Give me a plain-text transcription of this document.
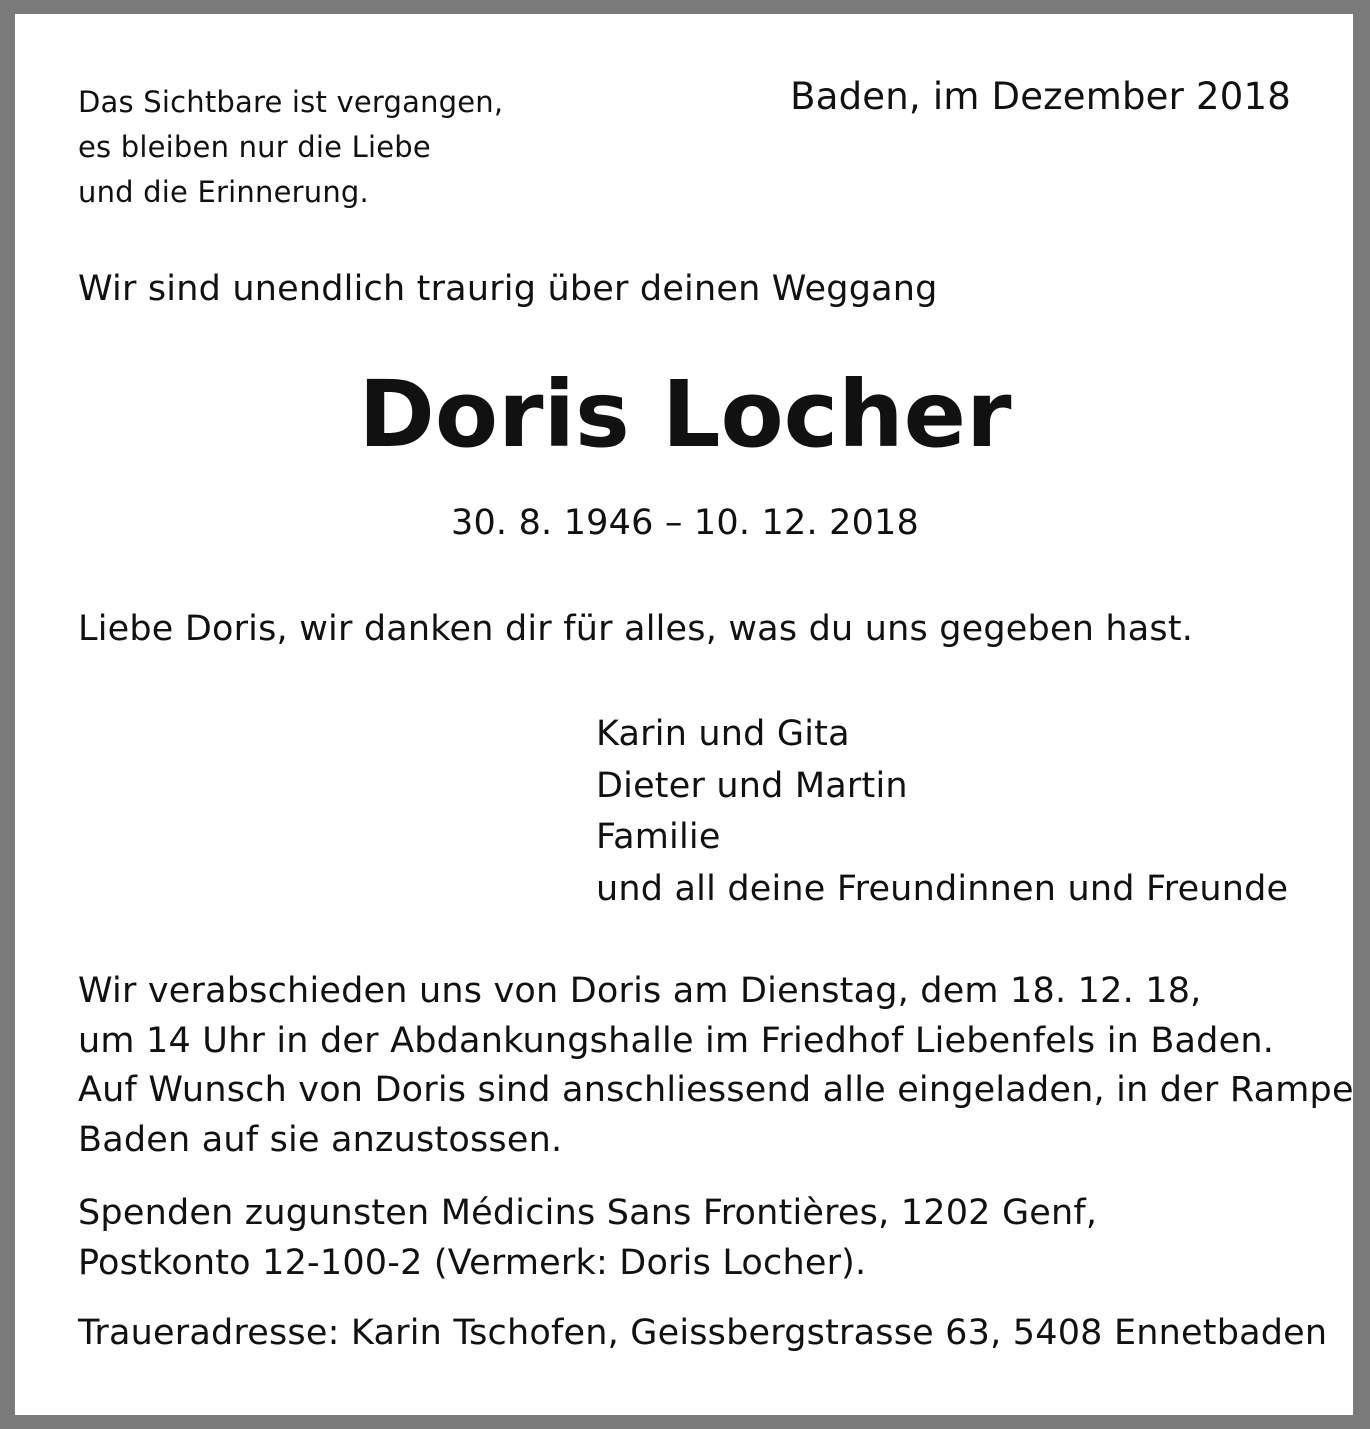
Das Sichtbare ist vergangen,
es bleiben nur die Liebe
und die Erinnerung.
Baden, im Dezember 2018
Wir sind unendlich traurig über deinen Weggang
Doris Locher
30. 8. 1946 – 10. 12. 2018
Liebe Doris, wir danken dir für alles, was du uns gegeben hast.
Karin und Gita
Dieter und Martin
Familie
und all deine Freundinnen und Freunde
Wir verabschieden uns von Doris am Dienstag, dem 18. 12. 18,
um 14 Uhr in der Abdankungshalle im Friedhof Liebenfels in Baden.
Auf Wunsch von Doris sind anschliessend alle eingeladen, in der Rampe
Baden auf sie anzustossen.
Spenden zugunsten Médicins Sans Frontières, 1202 Genf,
Postkonto 12-100-2 (Vermerk: Doris Locher).
Traueradresse: Karin Tschofen, Geissbergstrasse 63, 5408 Ennetbaden
